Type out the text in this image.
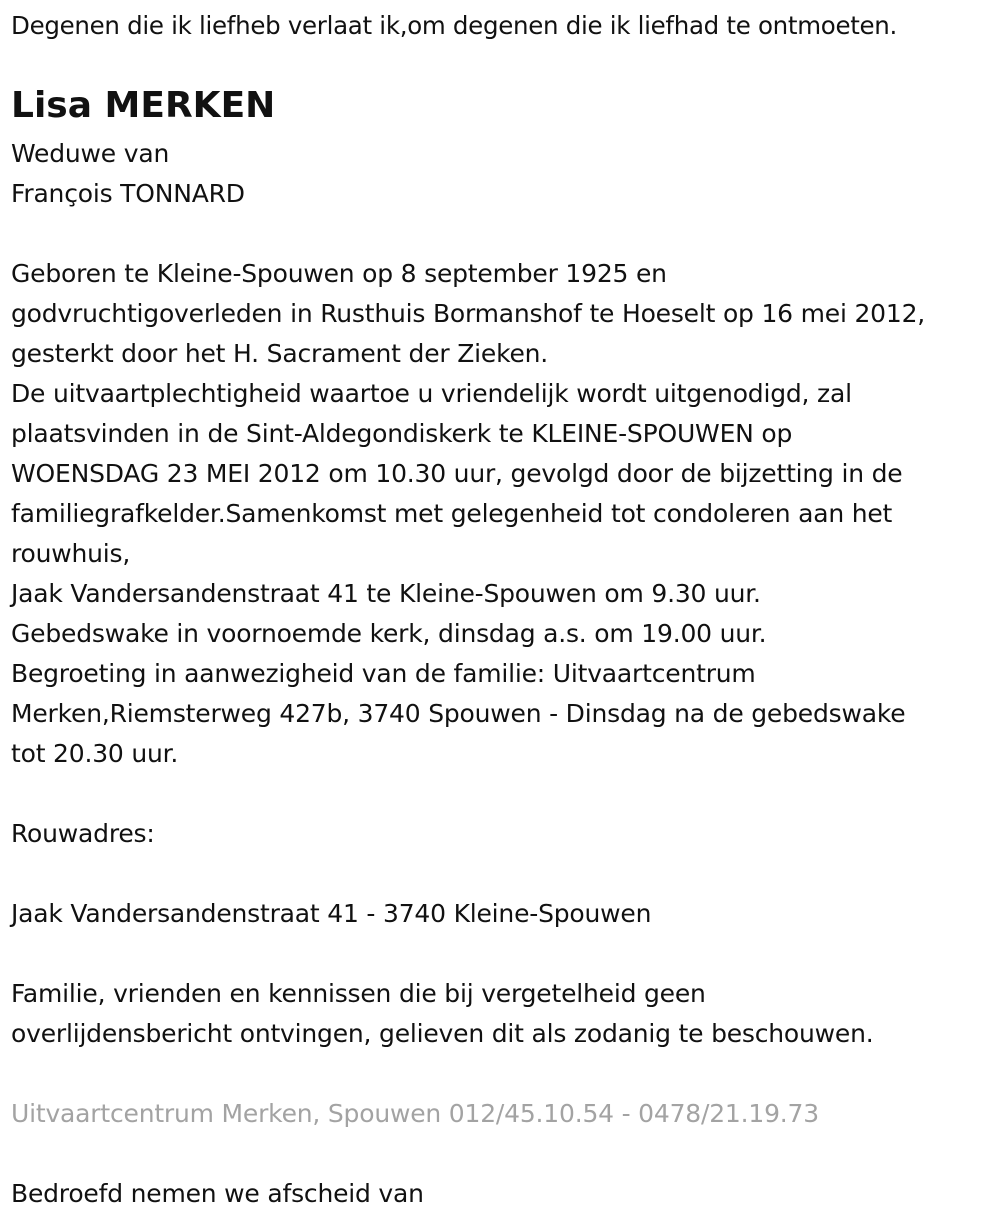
Degenen die ik liefheb verlaat ik,om degenen die ik liefhad te ontmoeten.

Lisa MERKEN

Weduwe van

François TONNARD

Geboren te Kleine-Spouwen op 8 september 1925 en

godvruchtigoverleden in Rusthuis Bormanshof te Hoeselt op 16 mei 2012,

gesterkt door het H. Sacrament der Zieken.

De uitvaartplechtigheid waartoe u vriendelijk wordt uitgenodigd, zal

plaatsvinden in de Sint-Aldegondiskerk te KLEINE-SPOUWEN op

WOENSDAG 23 MEI 2012 om 10.30 uur, gevolgd door de bijzetting in de

familiegrafkelder.Samenkomst met gelegenheid tot condoleren aan het

rouwhuis,

Jaak Vandersandenstraat 41 te Kleine-Spouwen om 9.30 uur.

Gebedswake in voornoemde kerk, dinsdag a.s. om 19.00 uur.

Begroeting in aanwezigheid van de familie: Uitvaartcentrum

Merken,Riemsterweg 427b, 3740 Spouwen - Dinsdag na de gebedswake

tot 20.30 uur.

Rouwadres:

Jaak Vandersandenstraat 41 - 3740 Kleine-Spouwen

Familie, vrienden en kennissen die bij vergetelheid geen

overlijdensbericht ontvingen, gelieven dit als zodanig te beschouwen.

Uitvaartcentrum Merken, Spouwen 012/45.10.54 - 0478/21.19.73

Bedroefd nemen we afscheid van
